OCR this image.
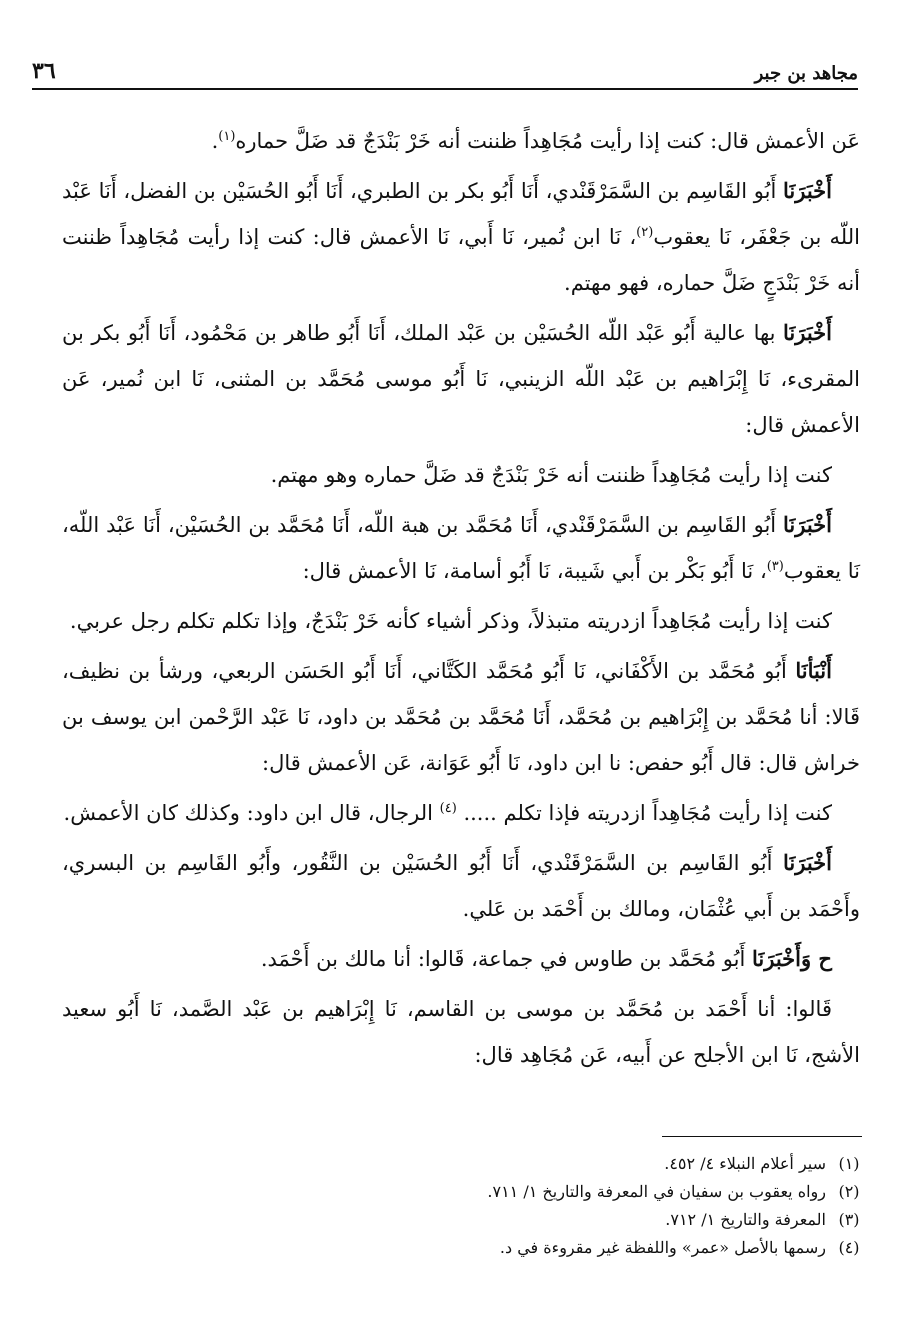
مجاهد بن جبر
٣٦

عَن الأعمش قال: كنت إذا رأيت مُجَاهِداً ظننت أنه خَرْ بَنْدَجٌ قد ضَلَّ حماره$^{(١)}$.

أَخْبَرَنَا أَبُو القَاسِم بن السَّمَرْقَنْدي، أَنَا أَبُو بكر بن الطبري، أَنَا أَبُو الحُسَيْن بن الفضل، أَنَا عَبْد اللّه بن جَعْفَر، نَا يعقوب$^{(٢)}$، نَا ابن نُمير، نَا أَبي، نَا الأعمش قال: كنت إذا رأيت مُجَاهِداً ظننت أنه خَرْ بَنْدَجٍ ضَلَّ حماره، فهو مهتم.

أَخْبَرَنَا بها عالية أَبُو عَبْد اللّه الحُسَيْن بن عَبْد الملك، أَنَا أَبُو طاهر بن مَحْمُود، أَنَا أَبُو بكر بن المقرىء، نَا إِبْرَاهيم بن عَبْد اللّه الزينبي، نَا أَبُو موسى مُحَمَّد بن المثنى، نَا ابن نُمير، عَن الأعمش قال:

كنت إذا رأيت مُجَاهِداً ظننت أنه خَرْ بَنْدَجٌ قد ضَلَّ حماره وهو مهتم.

أَخْبَرَنَا أَبُو القَاسِم بن السَّمَرْقَنْدي، أَنَا مُحَمَّد بن هبة اللّه، أَنَا مُحَمَّد بن الحُسَيْن، أَنَا عَبْد اللّه، نَا يعقوب$^{(٣)}$، نَا أَبُو بَكْر بن أَبي شَيبة، نَا أَبُو أسامة، نَا الأعمش قال:

كنت إذا رأيت مُجَاهِداً ازدريته متبذلاً، وذكر أشياء كأنه خَرْ بَنْدَجٌ، وإذا تكلم تكلم رجل عربي.

أَنْبَأنَا أَبُو مُحَمَّد بن الأَكْفَاني، نَا أَبُو مُحَمَّد الكَتَّاني، أَنَا أَبُو الحَسَن الربعي، ورشأ بن نظيف، قَالا: أنا مُحَمَّد بن إِبْرَاهيم بن مُحَمَّد، أَنَا مُحَمَّد بن مُحَمَّد بن داود، نَا عَبْد الرَّحْمن ابن يوسف بن خراش قال: قال أَبُو حفص: نا ابن داود، نَا أَبُو عَوَانة، عَن الأعمش قال:

كنت إذا رأيت مُجَاهِداً ازدريته فإذا تكلم ..... $^{(٤)}$ الرجال، قال ابن داود: وكذلك كان الأعمش.

أَخْبَرَنَا أَبُو القَاسِم بن السَّمَرْقَنْدي، أَنَا أَبُو الحُسَيْن بن النَّقُور، وأَبُو القَاسِم بن البسري، وأَحْمَد بن أَبي عُثْمَان، ومالك بن أَحْمَد بن عَلي.

ح وَأَخْبَرَنَا أَبُو مُحَمَّد بن طاوس في جماعة، قَالوا: أنا مالك بن أَحْمَد.

قَالوا: أنا أَحْمَد بن مُحَمَّد بن موسى بن القاسم، نَا إِبْرَاهيم بن عَبْد الصَّمد، نَا أَبُو سعيد الأشج، نَا ابن الأجلح عن أَبيه، عَن مُجَاهِد قال:

(١)
سير أعلام النبلاء ٤/ ٤٥٢.
(٢)
رواه يعقوب بن سفيان في المعرفة والتاريخ ١/ ٧١١.
(٣)
المعرفة والتاريخ ١/ ٧١٢.
(٤)
رسمها بالأصل «عمر» واللفظة غير مقروءة في د.
